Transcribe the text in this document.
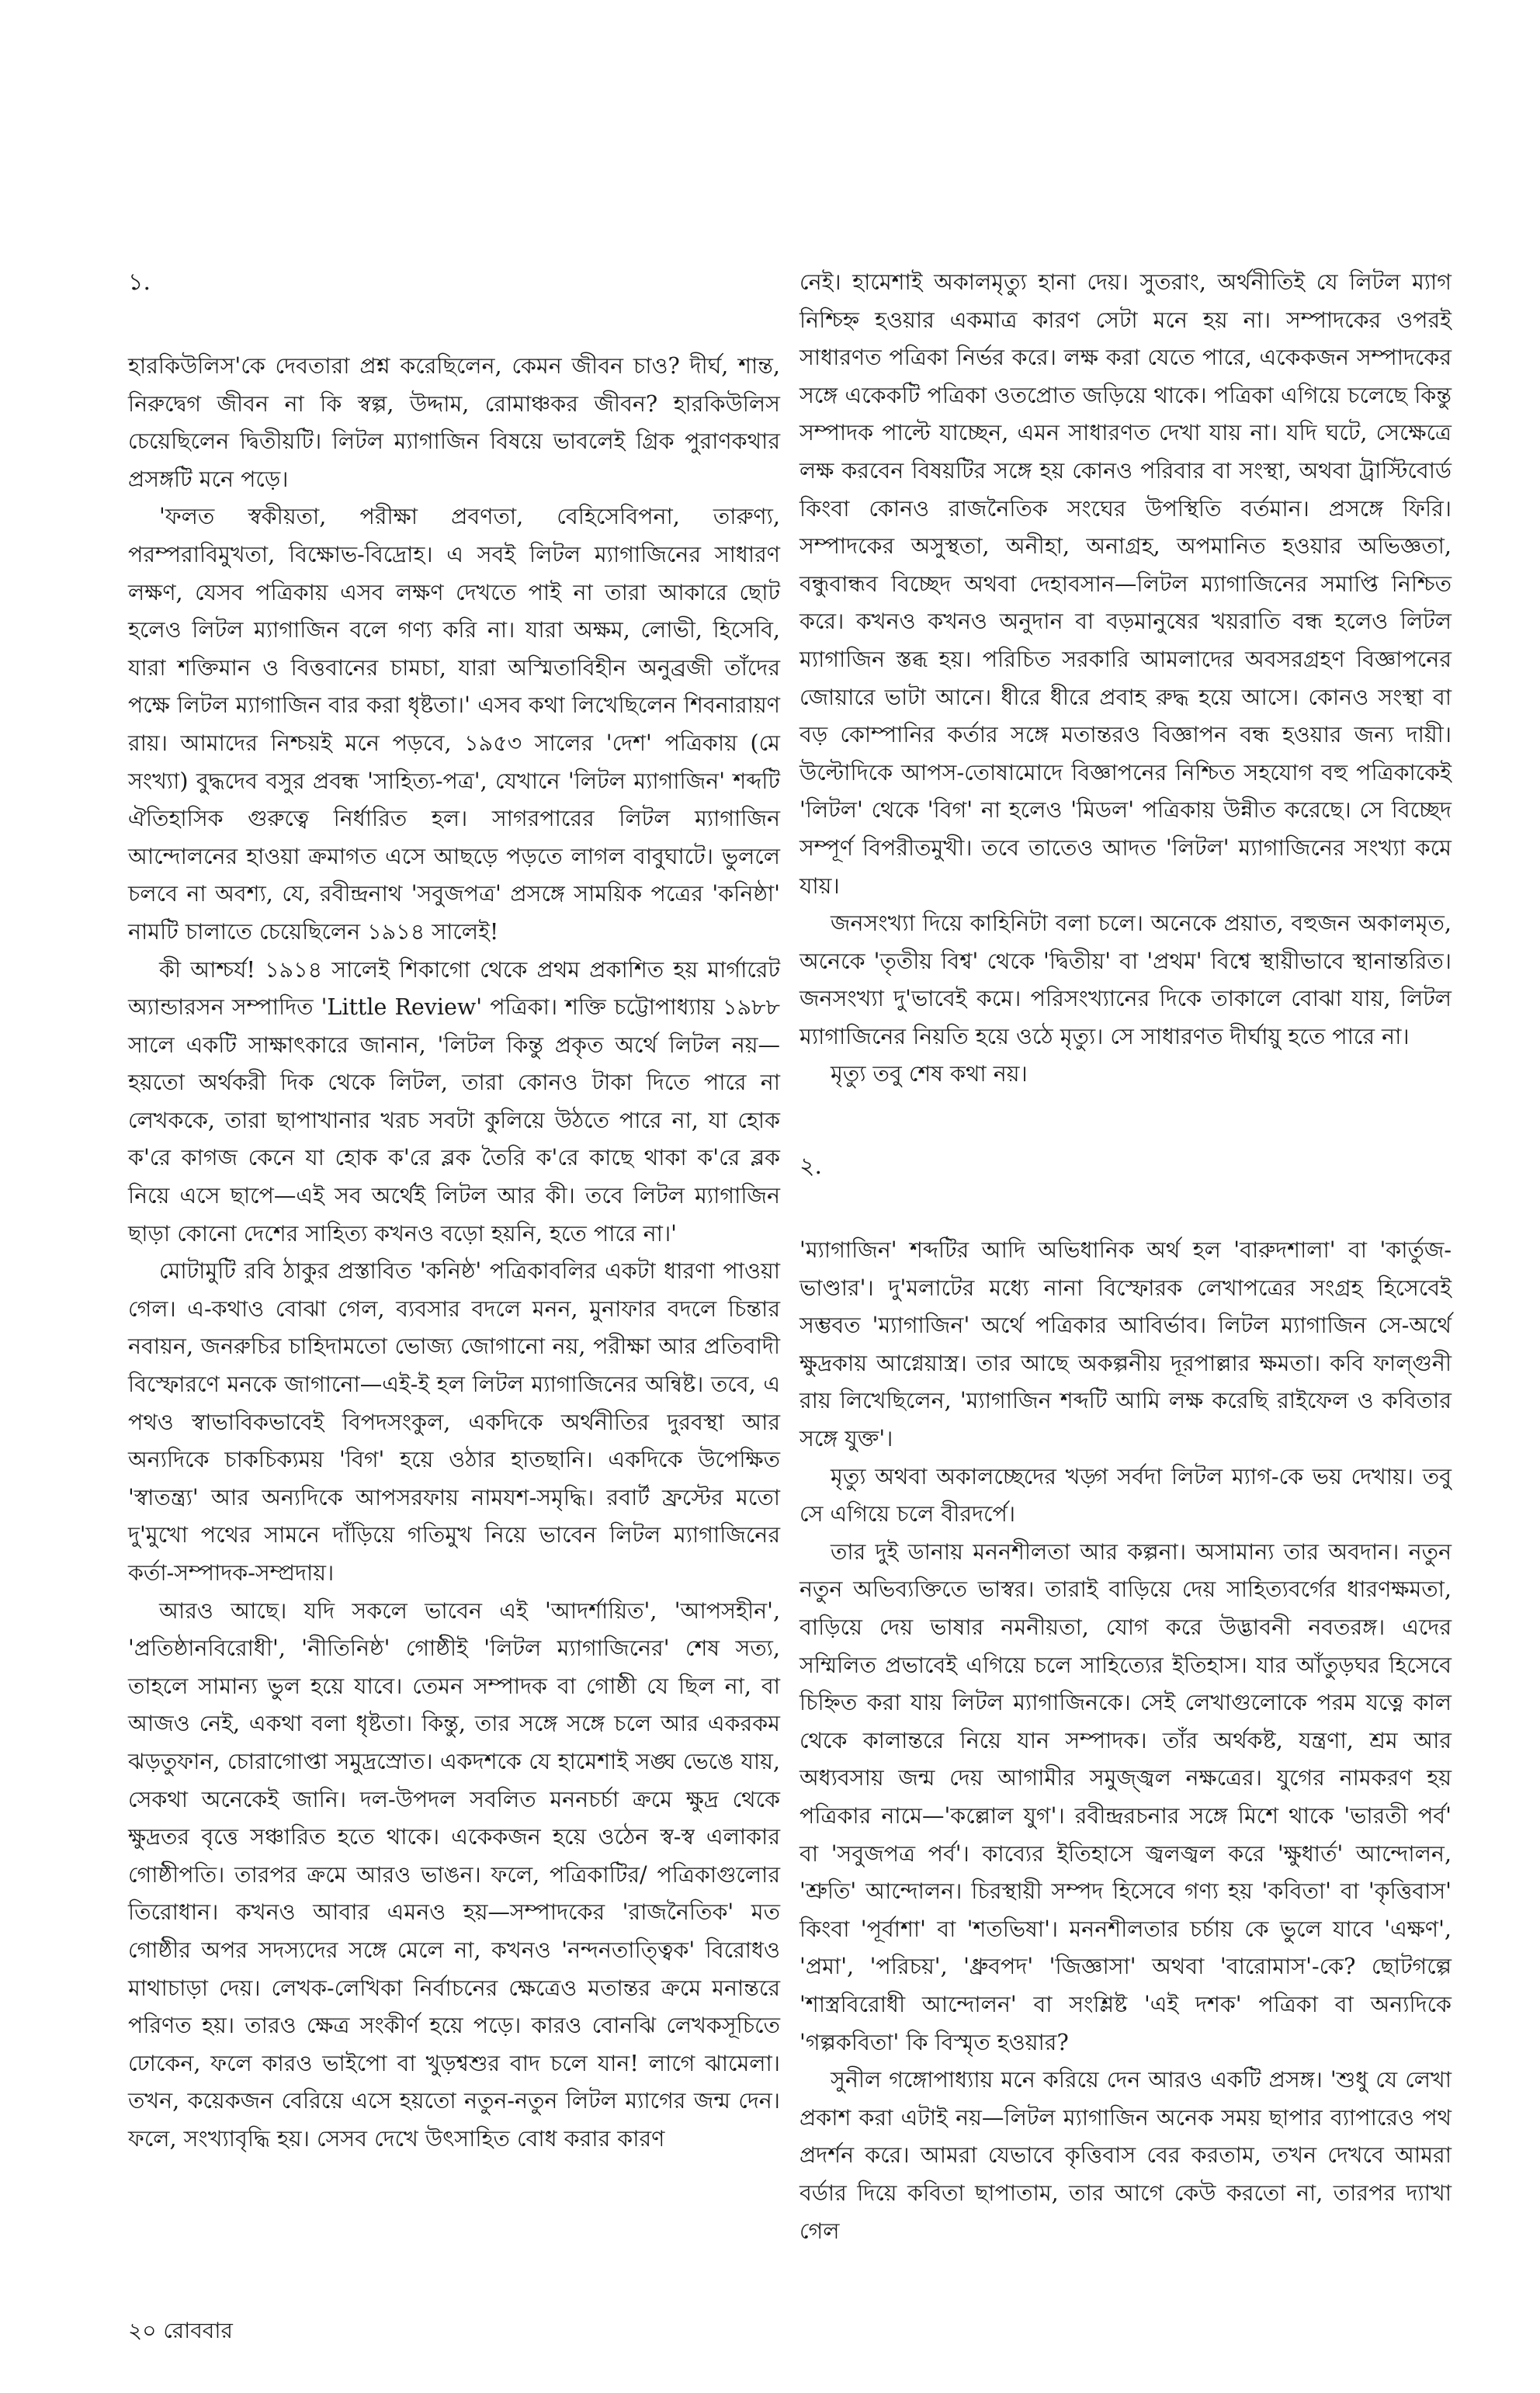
১.

হারকিউলিস'কে দেবতারা প্রশ্ন করেছিলেন, কেমন জীবন চাও? দীর্ঘ, শান্ত, নিরুদ্বেগ জীবন না কি স্বল্প, উদ্দাম, রোমাঞ্চকর জীবন? হারকিউলিস চেয়েছিলেন দ্বিতীয়টি। লিটল ম্যাগাজিন বিষয়ে ভাবলেই গ্রিক পুরাণকথার প্রসঙ্গটি মনে পড়ে।

'ফলত স্বকীয়তা, পরীক্ষা প্রবণতা, বেহিসেবিপনা, তারুণ্য, পরম্পরাবিমুখতা, বিক্ষোভ-বিদ্রোহ। এ সবই লিটল ম্যাগাজিনের সাধারণ লক্ষণ, যেসব পত্রিকায় এসব লক্ষণ দেখতে পাই না তারা আকারে ছোট হলেও লিটল ম্যাগাজিন বলে গণ্য করি না। যারা অক্ষম, লোভী, হিসেবি, যারা শক্তিমান ও বিত্তবানের চামচা, যারা অস্মিতাবিহীন অনুব্রজী তাঁদের পক্ষে লিটল ম্যাগাজিন বার করা ধৃষ্টতা।' এসব কথা লিখেছিলেন শিবনারায়ণ রায়। আমাদের নিশ্চয়ই মনে পড়বে, ১৯৫৩ সালের 'দেশ' পত্রিকায় (মে সংখ্যা) বুদ্ধদেব বসুর প্রবন্ধ 'সাহিত্য-পত্র', যেখানে 'লিটল ম্যাগাজিন' শব্দটি ঐতিহাসিক গুরুত্বে নির্ধারিত হল। সাগরপারের লিটল ম্যাগাজিন আন্দোলনের হাওয়া ক্রমাগত এসে আছড়ে পড়তে লাগল বাবুঘাটে। ভুললে চলবে না অবশ্য, যে, রবীন্দ্রনাথ 'সবুজপত্র' প্রসঙ্গে সাময়িক পত্রের 'কনিষ্ঠা' নামটি চালাতে চেয়েছিলেন ১৯১৪ সালেই!

কী আশ্চর্য! ১৯১৪ সালেই শিকাগো থেকে প্রথম প্রকাশিত হয় মার্গারেট অ্যান্ডারসন সম্পাদিত 'Little Review' পত্রিকা। শক্তি চট্টোপাধ্যায় ১৯৮৮ সালে একটি সাক্ষাৎকারে জানান, 'লিটল কিন্তু প্রকৃত অর্থে লিটল নয়—হয়তো অর্থকরী দিক থেকে লিটল, তারা কোনও টাকা দিতে পারে না লেখককে, তারা ছাপাখানার খরচ সবটা কুলিয়ে উঠতে পারে না, যা হোক ক'রে কাগজ কেনে যা হোক ক'রে ব্লক তৈরি ক'রে কাছে থাকা ক'রে ব্লক নিয়ে এসে ছাপে—এই সব অর্থেই লিটল আর কী। তবে লিটল ম্যাগাজিন ছাড়া কোনো দেশের সাহিত্য কখনও বড়ো হয়নি, হতে পারে না।'

মোটামুটি রবি ঠাকুর প্রস্তাবিত 'কনিষ্ঠ' পত্রিকাবলির একটা ধারণা পাওয়া গেল। এ-কথাও বোঝা গেল, ব্যবসার বদলে মনন, মুনাফার বদলে চিন্তার নবায়ন, জনরুচির চাহিদামতো ভোজ্য জোগানো নয়, পরীক্ষা আর প্রতিবাদী বিস্ফোরণে মনকে জাগানো—এই-ই হল লিটল ম্যাগাজিনের অন্বিষ্ট। তবে, এ পথও স্বাভাবিকভাবেই বিপদসংকুল, একদিকে অর্থনীতির দুরবস্থা আর অন্যদিকে চাকচিক্যময় 'বিগ' হয়ে ওঠার হাতছানি। একদিকে উপেক্ষিত 'স্বাতন্ত্র্য' আর অন্যদিকে আপসরফায় নামযশ-সমৃদ্ধি। রবার্ট ফ্রস্টের মতো দু'মুখো পথের সামনে দাঁড়িয়ে গতিমুখ নিয়ে ভাবেন লিটল ম্যাগাজিনের কর্তা-সম্পাদক-সম্প্রদায়।

আরও আছে। যদি সকলে ভাবেন এই 'আদর্শায়িত', 'আপসহীন', 'প্রতিষ্ঠানবিরোধী', 'নীতিনিষ্ঠ' গোষ্ঠীই 'লিটল ম্যাগাজিনের' শেষ সত্য, তাহলে সামান্য ভুল হয়ে যাবে। তেমন সম্পাদক বা গোষ্ঠী যে ছিল না, বা আজও নেই, একথা বলা ধৃষ্টতা। কিন্তু, তার সঙ্গে সঙ্গে চলে আর একরকম ঝড়তুফান, চোরাগোপ্তা সমুদ্রস্রোত। একদশকে যে হামেশাই সঙ্ঘ ভেঙে যায়, সেকথা অনেকেই জানি। দল-উপদল সবলিত মননচর্চা ক্রমে ক্ষুদ্র থেকে ক্ষুদ্রতর বৃত্তে সঞ্চারিত হতে থাকে। একেকজন হয়ে ওঠেন স্ব-স্ব এলাকার গোষ্ঠীপতি। তারপর ক্রমে আরও ভাঙন। ফলে, পত্রিকাটির/ পত্রিকাগুলোর তিরোধান। কখনও আবার এমনও হয়—সম্পাদকের 'রাজনৈতিক' মত গোষ্ঠীর অপর সদস্যদের সঙ্গে মেলে না, কখনও 'নন্দনতাত্ত্বিক' বিরোধও মাথাচাড়া দেয়। লেখক-লেখিকা নির্বাচনের ক্ষেত্রেও মতান্তর ক্রমে মনান্তরে পরিণত হয়। তারও ক্ষেত্র সংকীর্ণ হয়ে পড়ে। কারও বোনঝি লেখকসূচিতে ঢোকেন, ফলে কারও ভাইপো বা খুড়শ্বশুর বাদ চলে যান! লাগে ঝামেলা। তখন, কয়েকজন বেরিয়ে এসে হয়তো নতুন-নতুন লিটল ম্যাগের জন্ম দেন। ফলে, সংখ্যাবৃদ্ধি হয়। সেসব দেখে উৎসাহিত বোধ করার কারণ

নেই। হামেশাই অকালমৃত্যু হানা দেয়। সুতরাং, অর্থনীতিই যে লিটল ম্যাগ নিশ্চিহ্ন হওয়ার একমাত্র কারণ সেটা মনে হয় না। সম্পাদকের ওপরই সাধারণত পত্রিকা নির্ভর করে। লক্ষ করা যেতে পারে, একেকজন সম্পাদকের সঙ্গে একেকটি পত্রিকা ওতপ্রোত জড়িয়ে থাকে। পত্রিকা এগিয়ে চলেছে কিন্তু সম্পাদক পাল্টে যাচ্ছেন, এমন সাধারণত দেখা যায় না। যদি ঘটে, সেক্ষেত্রে লক্ষ করবেন বিষয়টির সঙ্গে হয় কোনও পরিবার বা সংস্থা, অথবা ট্রাস্টিবোর্ড কিংবা কোনও রাজনৈতিক সংঘের উপস্থিতি বর্তমান। প্রসঙ্গে ফিরি। সম্পাদকের অসুস্থতা, অনীহা, অনাগ্রহ, অপমানিত হওয়ার অভিজ্ঞতা, বন্ধুবান্ধব বিচ্ছেদ অথবা দেহাবসান—লিটল ম্যাগাজিনের সমাপ্তি নিশ্চিত করে। কখনও কখনও অনুদান বা বড়মানুষের খয়রাতি বন্ধ হলেও লিটল ম্যাগাজিন স্তব্ধ হয়। পরিচিত সরকারি আমলাদের অবসরগ্রহণ বিজ্ঞাপনের জোয়ারে ভাটা আনে। ধীরে ধীরে প্রবাহ রুদ্ধ হয়ে আসে। কোনও সংস্থা বা বড় কোম্পানির কর্তার সঙ্গে মতান্তরও বিজ্ঞাপন বন্ধ হওয়ার জন্য দায়ী। উল্টোদিকে আপস-তোষামোদে বিজ্ঞাপনের নিশ্চিত সহযোগ বহু পত্রিকাকেই 'লিটল' থেকে 'বিগ' না হলেও 'মিডল' পত্রিকায় উন্নীত করেছে। সে বিচ্ছেদ সম্পূর্ণ বিপরীতমুখী। তবে তাতেও আদত 'লিটল' ম্যাগাজিনের সংখ্যা কমে যায়।

জনসংখ্যা দিয়ে কাহিনিটা বলা চলে। অনেকে প্রয়াত, বহুজন অকালমৃত, অনেকে 'তৃতীয় বিশ্ব' থেকে 'দ্বিতীয়' বা 'প্রথম' বিশ্বে স্থায়ীভাবে স্থানান্তরিত। জনসংখ্যা দু'ভাবেই কমে। পরিসংখ্যানের দিকে তাকালে বোঝা যায়, লিটল ম্যাগাজিনের নিয়তি হয়ে ওঠে মৃত্যু। সে সাধারণত দীর্ঘায়ু হতে পারে না।

মৃত্যু তবু শেষ কথা নয়।

২.

'ম্যাগাজিন' শব্দটির আদি অভিধানিক অর্থ হল 'বারুদশালা' বা 'কার্তুজ-ভাণ্ডার'। দু'মলাটের মধ্যে নানা বিস্ফোরক লেখাপত্রের সংগ্রহ হিসেবেই সম্ভবত 'ম্যাগাজিন' অর্থে পত্রিকার আবির্ভাব। লিটল ম্যাগাজিন সে-অর্থে ক্ষুদ্রকায় আগ্নেয়াস্ত্র। তার আছে অকল্পনীয় দূরপাল্লার ক্ষমতা। কবি ফাল্গুনী রায় লিখেছিলেন, 'ম্যাগাজিন শব্দটি আমি লক্ষ করেছি রাইফেল ও কবিতার সঙ্গে যুক্ত'।

মৃত্যু অথবা অকালচ্ছেদের খড়্গ সর্বদা লিটল ম্যাগ-কে ভয় দেখায়। তবু সে এগিয়ে চলে বীরদর্পে।

তার দুই ডানায় মননশীলতা আর কল্পনা। অসামান্য তার অবদান। নতুন নতুন অভিব্যক্তিতে ভাস্বর। তারাই বাড়িয়ে দেয় সাহিত্যবর্গের ধারণক্ষমতা, বাড়িয়ে দেয় ভাষার নমনীয়তা, যোগ করে উদ্ভাবনী নবতরঙ্গ। এদের সম্মিলিত প্রভাবেই এগিয়ে চলে সাহিত্যের ইতিহাস। যার আঁতুড়ঘর হিসেবে চিহ্নিত করা যায় লিটল ম্যাগাজিনকে। সেই লেখাগুলোকে পরম যত্নে কাল থেকে কালান্তরে নিয়ে যান সম্পাদক। তাঁর অর্থকষ্ট, যন্ত্রণা, শ্রম আর অধ্যবসায় জন্ম দেয় আগামীর সমুজ্জ্বল নক্ষত্রের। যুগের নামকরণ হয় পত্রিকার নামে—'কল্লোল যুগ'। রবীন্দ্ররচনার সঙ্গে মিশে থাকে 'ভারতী পর্ব' বা 'সবুজপত্র পর্ব'। কাব্যের ইতিহাসে জ্বলজ্বল করে 'ক্ষুধার্ত' আন্দোলন, 'শ্রুতি' আন্দোলন। চিরস্থায়ী সম্পদ হিসেবে গণ্য হয় 'কবিতা' বা 'কৃত্তিবাস' কিংবা 'পূর্বাশা' বা 'শতভিষা'। মননশীলতার চর্চায় কে ভুলে যাবে 'এক্ষণ', 'প্রমা', 'পরিচয়', 'ধ্রুবপদ' 'জিজ্ঞাসা' অথবা 'বারোমাস'-কে? ছোটগল্পে 'শাস্ত্রবিরোধী আন্দোলন' বা সংশ্লিষ্ট 'এই দশক' পত্রিকা বা অন্যদিকে 'গল্পকবিতা' কি বিস্মৃত হওয়ার?

সুনীল গঙ্গোপাধ্যায় মনে করিয়ে দেন আরও একটি প্রসঙ্গ। 'শুধু যে লেখা প্রকাশ করা এটাই নয়—লিটল ম্যাগাজিন অনেক সময় ছাপার ব্যাপারেও পথ প্রদর্শন করে। আমরা যেভাবে কৃত্তিবাস বের করতাম, তখন দেখবে আমরা বর্ডার দিয়ে কবিতা ছাপাতাম, তার আগে কেউ করতো না, তারপর দ্যাখা গেল

২০ রোববার
